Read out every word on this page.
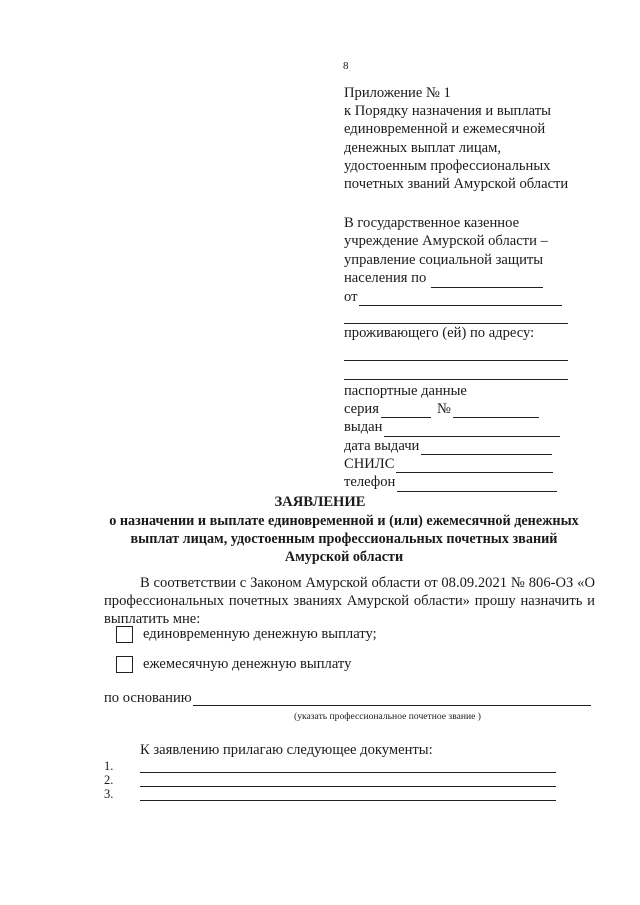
8
Приложение № 1
к Порядку назначения и выплаты
единовременной и ежемесячной
денежных выплат лицам,
удостоенным профессиональных
почетных званий Амурской области
В государственное казенное
учреждение Амурской области –
управление социальной защиты
населения по
от
проживающего (ей) по адресу:
паспортные данные
серия	№
выдан
дата выдачи
СНИЛС
телефон
ЗАЯВЛЕНИЕ
о назначении и выплате единовременной и (или) ежемесячной денежных выплат лицам, удостоенным профессиональных почетных званий Амурской области
В соответствии с Законом Амурской области от 08.09.2021 № 806-ОЗ «О профессиональных почетных званиях Амурской области» прошу назначить и выплатить мне:
единовременную денежную выплату;
ежемесячную денежную выплату
по основанию
(указать профессиональное почетное звание )
К заявлению прилагаю следующее документы:
1.
2.
3.
